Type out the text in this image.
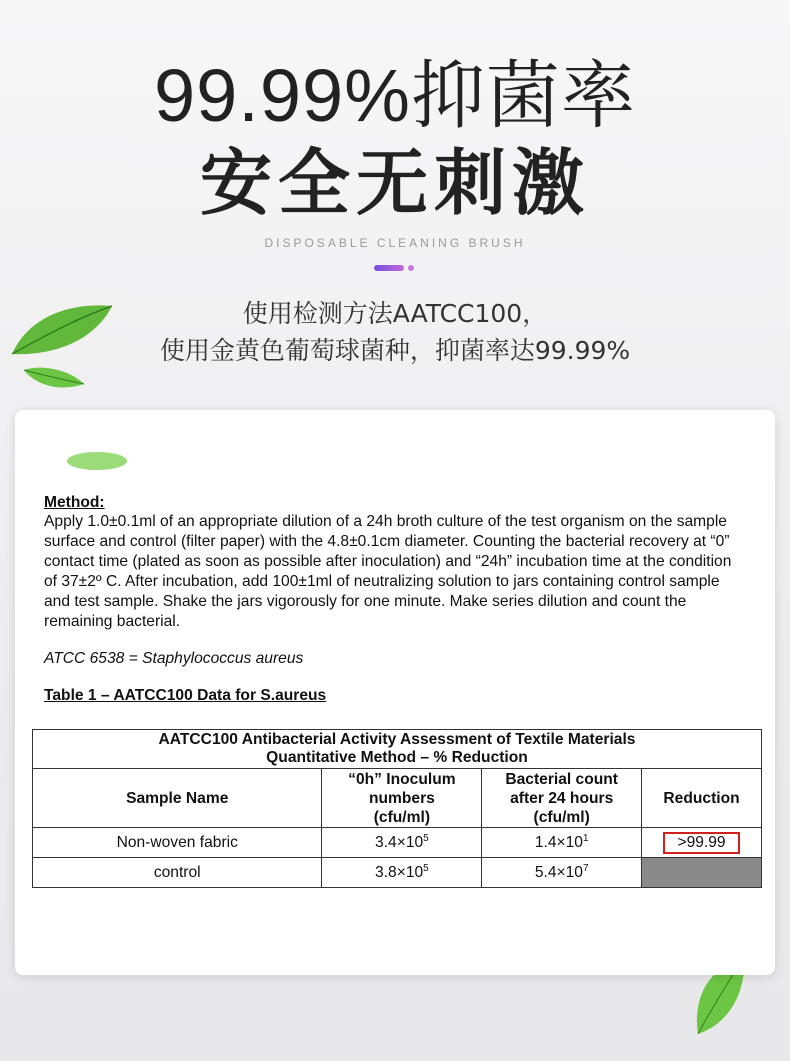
99.99%抑菌率
安全无刺激
DISPOSABLE CLEANING BRUSH
使用检测方法AATCC100，
使用金黄色葡萄球菌种，抑菌率达99.99%
Method:
Apply 1.0±0.1ml of an appropriate dilution of a 24h broth culture of the test organism on the sample surface and control (filter paper) with the 4.8±0.1cm diameter. Counting the bacterial recovery at “0” contact time (plated as soon as possible after inoculation) and “24h” incubation time at the condition of 37±2º C. After incubation, add 100±1ml of neutralizing solution to jars containing control sample and test sample. Shake the jars vigorously for one minute. Make series dilution and count the remaining bacterial.
ATCC 6538 = Staphylococcus aureus
Table 1 – AATCC100 Data for S.aureus
AATCC100 Antibacterial Activity Assessment of Textile Materials
Quantitative Method – % Reduction			
Sample Name	“0h” Inoculum
numbers
(cfu/ml)	Bacterial count
after 24 hours
(cfu/ml)	Reduction
Non-woven fabric	$3.4\times 10^5$	$1.4\times 10^1$	>99.99
control	$3.8\times 10^5$	$5.4\times 10^7$	
